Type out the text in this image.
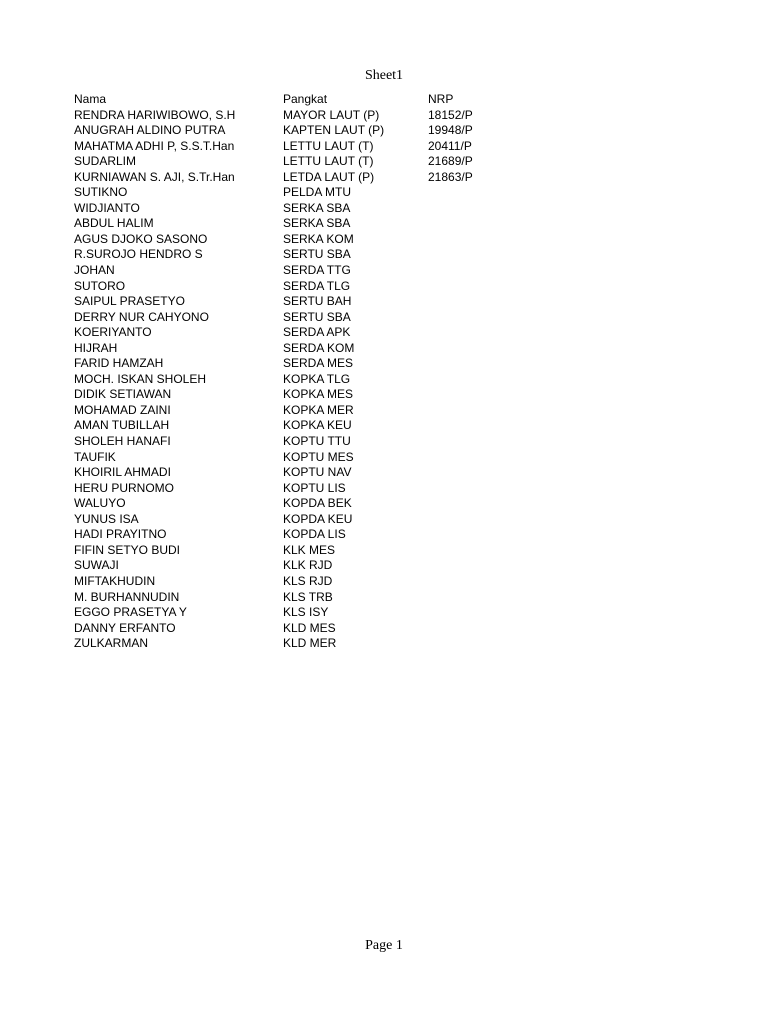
Sheet1
Nama	Pangkat	NRP
RENDRA HARIWIBOWO, S.H	MAYOR LAUT (P)	18152/P
ANUGRAH ALDINO PUTRA	KAPTEN LAUT (P)	19948/P
MAHATMA ADHI P, S.S.T.Han	LETTU LAUT (T)	20411/P
SUDARLIM	LETTU LAUT (T)	21689/P
KURNIAWAN S. AJI, S.Tr.Han	LETDA LAUT (P)	21863/P
SUTIKNO	PELDA MTU	
WIDJIANTO	SERKA SBA	
ABDUL HALIM	SERKA SBA	
AGUS DJOKO SASONO	SERKA KOM	
R.SUROJO HENDRO S	SERTU SBA	
JOHAN	SERDA TTG	
SUTORO	SERDA TLG	
SAIPUL PRASETYO	SERTU BAH	
DERRY NUR CAHYONO	SERTU SBA	
KOERIYANTO	SERDA APK	
HIJRAH	SERDA KOM	
FARID HAMZAH	SERDA MES	
MOCH. ISKAN SHOLEH	KOPKA TLG	
DIDIK SETIAWAN	KOPKA MES	
MOHAMAD ZAINI	KOPKA MER	
AMAN TUBILLAH	KOPKA KEU	
SHOLEH HANAFI	KOPTU TTU	
TAUFIK	KOPTU MES	
KHOIRIL AHMADI	KOPTU NAV	
HERU PURNOMO	KOPTU LIS	
WALUYO	KOPDA BEK	
YUNUS ISA	KOPDA KEU	
HADI PRAYITNO	KOPDA LIS	
FIFIN SETYO BUDI	KLK MES	
SUWAJI	KLK RJD	
MIFTAKHUDIN	KLS RJD	
M. BURHANNUDIN	KLS TRB	
EGGO PRASETYA Y	KLS ISY	
DANNY ERFANTO	KLD MES	
ZULKARMAN	KLD MER	
Page 1
